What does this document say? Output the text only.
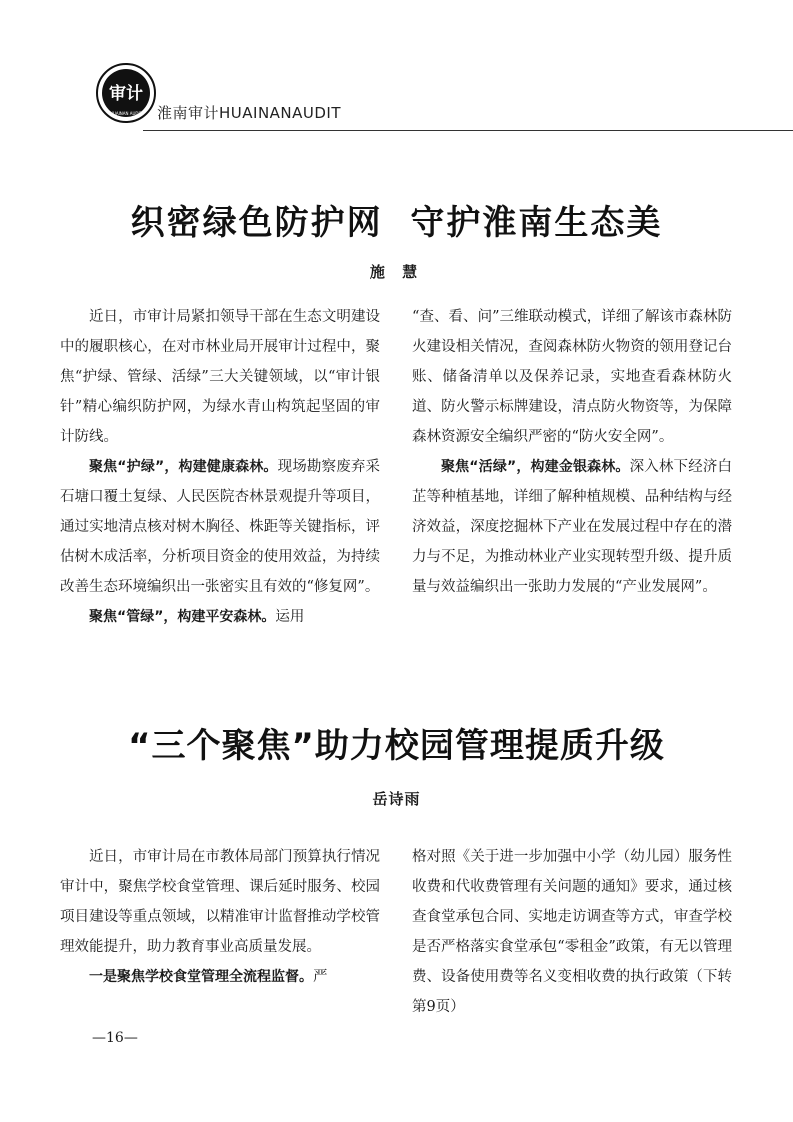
审计
HUAINAN AUDIT 淮南审计HUAINANAUDIT
织密绿色防护网  守护淮南生态美
施 慧

近日，市审计局紧扣领导干部在生态文明建设中的履职核心，在对市林业局开展审计过程中，聚焦“护绿、管绿、活绿”三大关键领域，以“审计银针”精心编织防护网，为绿水青山构筑起坚固的审计防线。

聚焦“护绿”，构建健康森林。现场勘察废弃采石塘口覆土复绿、人民医院杏林景观提升等项目，通过实地清点核对树木胸径、株距等关键指标，评估树木成活率，分析项目资金的使用效益，为持续改善生态环境编织出一张密实且有效的“修复网”。

聚焦“管绿”，构建平安森林。运用

“查、看、问”三维联动模式，详细了解该市森林防火建设相关情况，查阅森林防火物资的领用登记台账、储备清单以及保养记录，实地查看森林防火道、防火警示标牌建设，清点防火物资等，为保障森林资源安全编织严密的“防火安全网”。

聚焦“活绿”，构建金银森林。深入林下经济白芷等种植基地，详细了解种植规模、品种结构与经济效益，深度挖掘林下产业在发展过程中存在的潜力与不足，为推动林业产业实现转型升级、提升质量与效益编织出一张助力发展的“产业发展网”。

“三个聚焦”助力校园管理提质升级
岳诗雨

近日，市审计局在市教体局部门预算执行情况审计中，聚焦学校食堂管理、课后延时服务、校园项目建设等重点领域，以精准审计监督推动学校管理效能提升，助力教育事业高质量发展。

一是聚焦学校食堂管理全流程监督。严

格对照《关于进一步加强中小学（幼儿园）服务性收费和代收费管理有关问题的通知》要求，通过核查食堂承包合同、实地走访调查等方式，审查学校是否严格落实食堂承包“零租金”政策，有无以管理费、设备使用费等名义变相收费的执行政策（下转第9页）

—16—
